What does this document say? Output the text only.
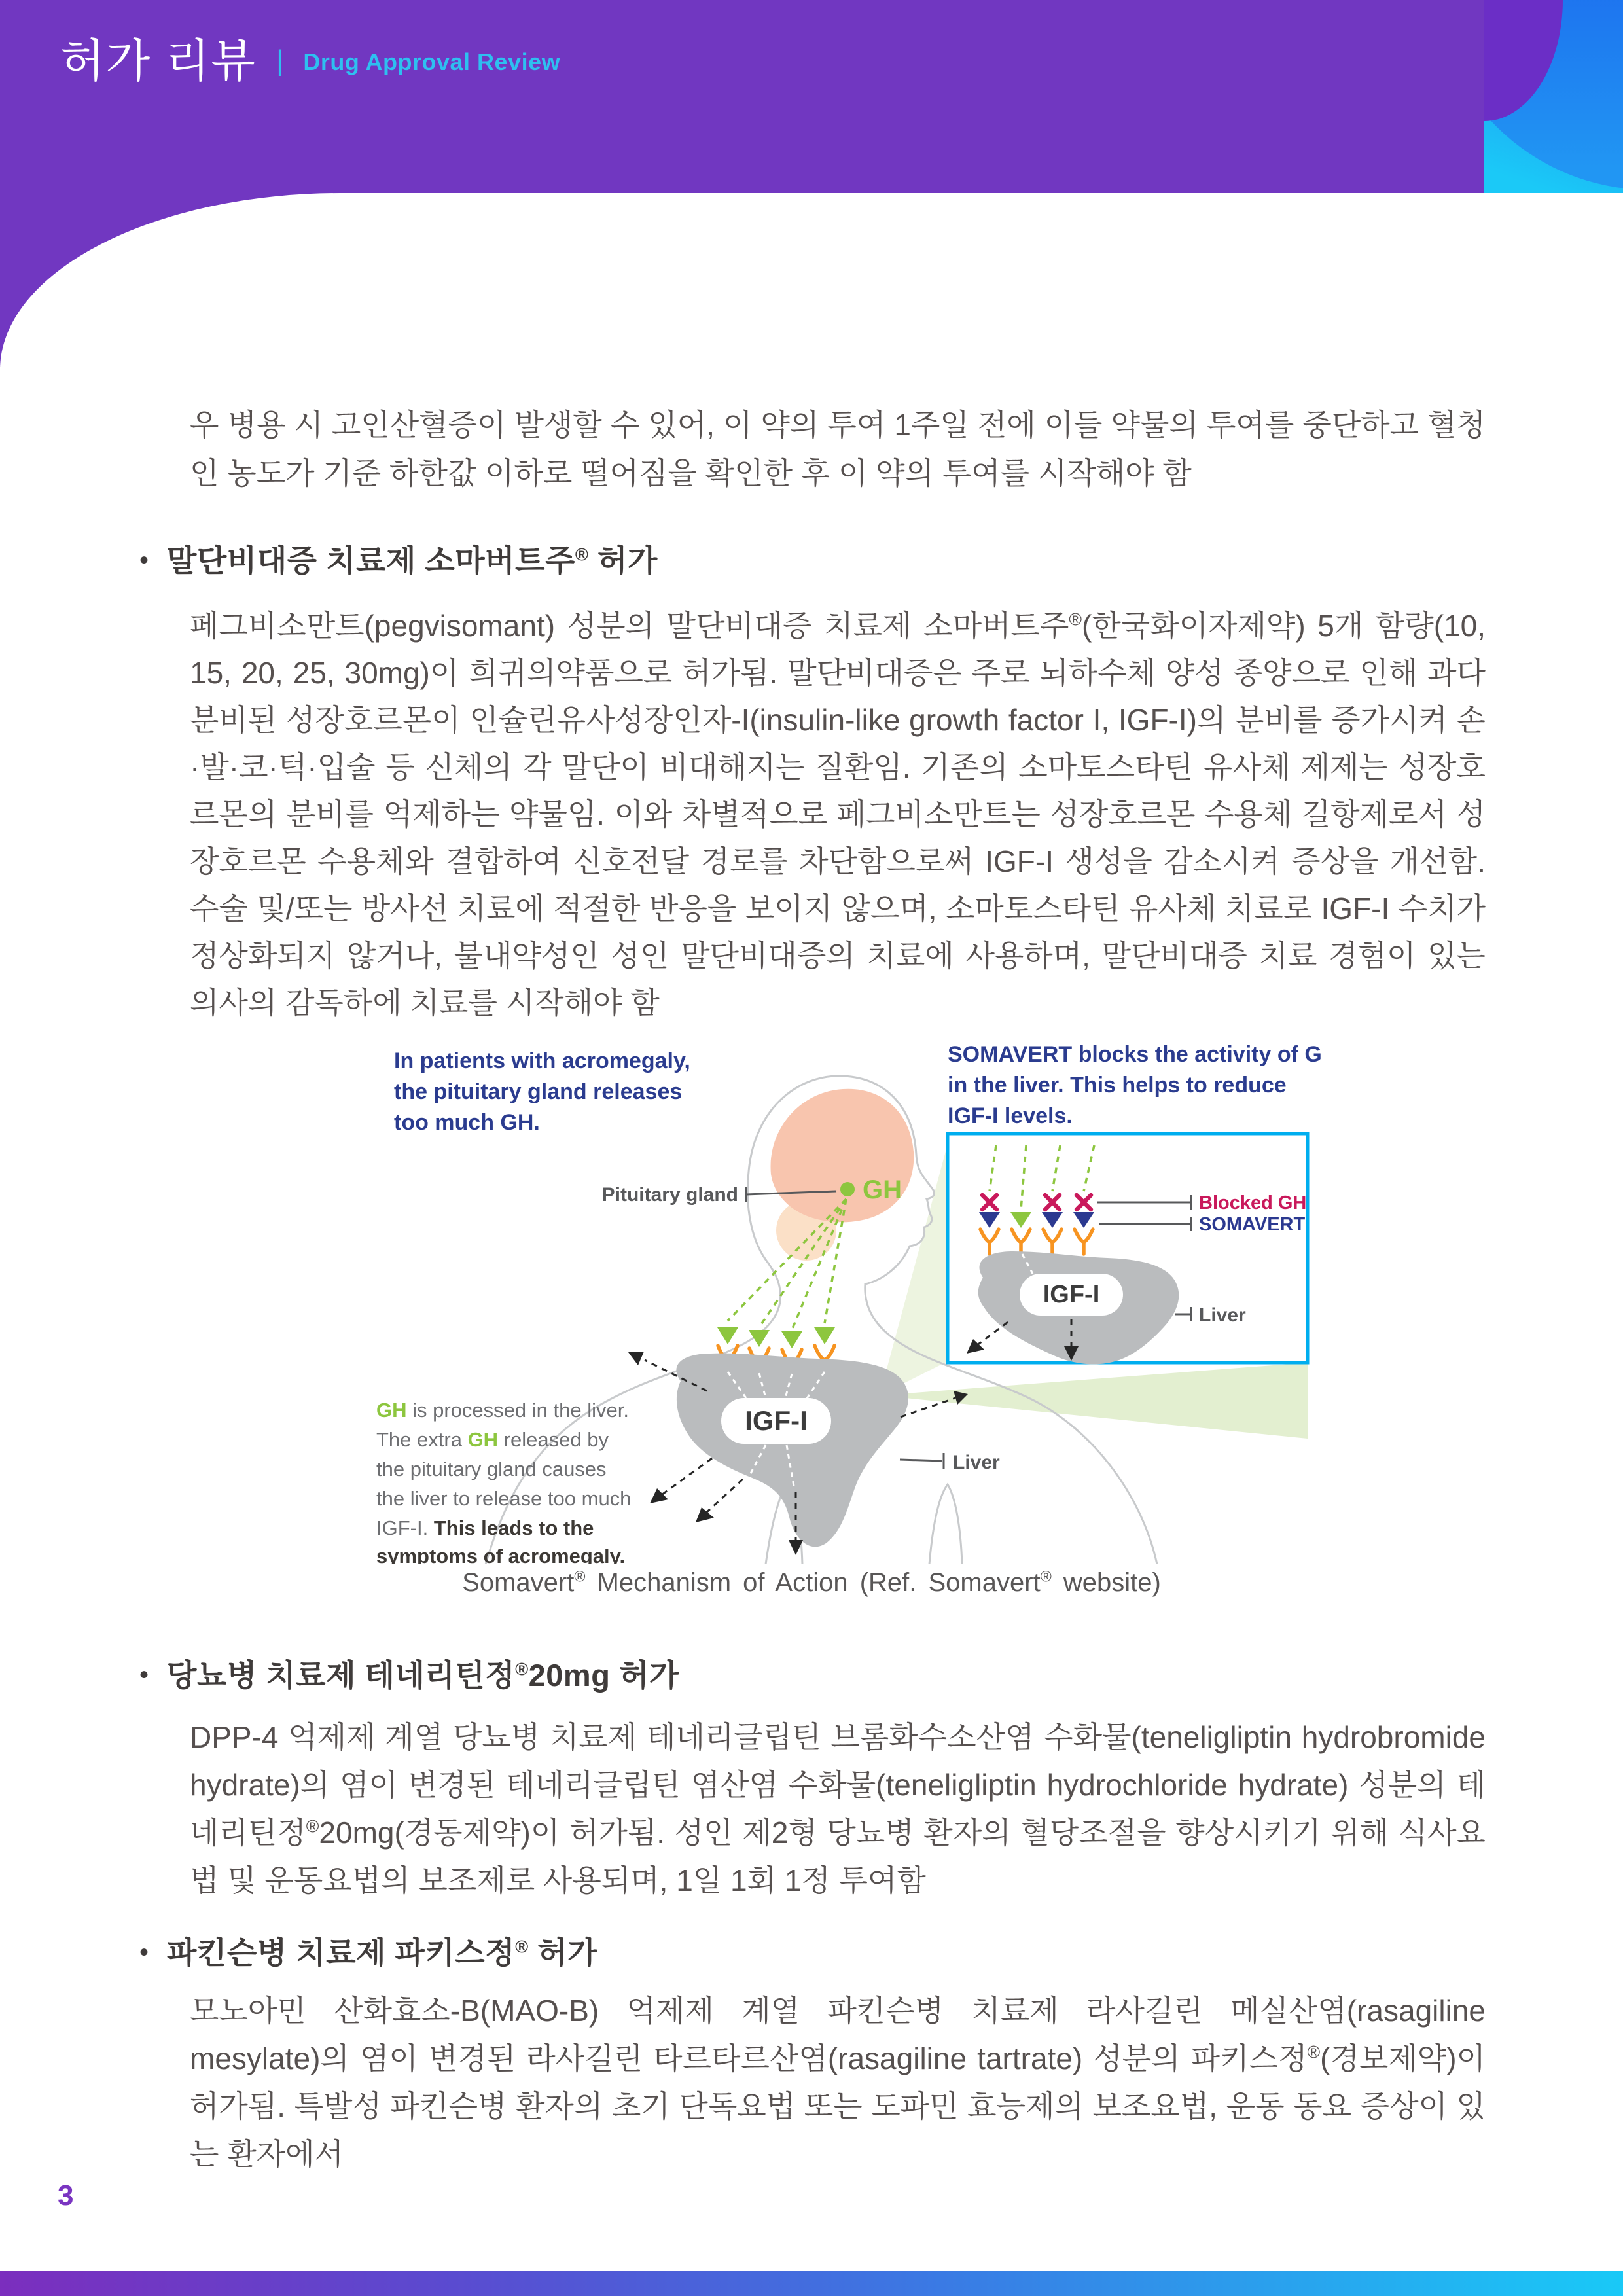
허가 리뷰 | Drug Approval Review
우 병용 시 고인산혈증이 발생할 수 있어, 이 약의 투여 1주일 전에 이들 약물의 투여를 중단하고 혈청 인 농도가 기준 하한값 이하로 떨어짐을 확인한 후 이 약의 투여를 시작해야 함
• 말단비대증 치료제 소마버트주® 허가
페그비소만트(pegvisomant) 성분의 말단비대증 치료제 소마버트주®(한국화이자제약) 5개 함량(10, 15, 20, 25, 30mg)이 희귀의약품으로 허가됨. 말단비대증은 주로 뇌하수체 양성 종양으로 인해 과다분비된 성장호르몬이 인슐린유사성장인자-I(insulin-like growth factor I, IGF-I)의 분비를 증가시켜 손·발·코·턱·입술 등 신체의 각 말단이 비대해지는 질환임. 기존의 소마토스타틴 유사체 제제는 성장호르몬의 분비를 억제하는 약물임. 이와 차별적으로 페그비소만트는 성장호르몬 수용체 길항제로서 성장호르몬 수용체와 결합하여 신호전달 경로를 차단함으로써 IGF-I 생성을 감소시켜 증상을 개선함. 수술 및/또는 방사선 치료에 적절한 반응을 보이지 않으며, 소마토스타틴 유사체 치료로 IGF-I 수치가 정상화되지 않거나, 불내약성인 성인 말단비대증의 치료에 사용하며, 말단비대증 치료 경험이 있는 의사의 감독하에 치료를 시작해야 함
GH
Pituitary gland
IGF-I
Liver
In patients with acromegaly,
the pituitary gland releases
too much GH.
SOMAVERT blocks the activity of GH
in the liver. This helps to reduce
IGF-I levels.
IGF-I
Blocked GH
SOMAVERT
Liver
GH is processed in the liver.
The extra GH released by
the pituitary gland causes
the liver to release too much
IGF-I. This leads to the
symptoms of acromegaly.
Somavert® Mechanism of Action (Ref. Somavert® website)
• 당뇨병 치료제 테네리틴정®20mg 허가
DPP-4 억제제 계열 당뇨병 치료제 테네리글립틴 브롬화수소산염 수화물(teneligliptin hydrobromide hydrate)의 염이 변경된 테네리글립틴 염산염 수화물(teneligliptin hydrochloride hydrate) 성분의 테네리틴정®20mg(경동제약)이 허가됨. 성인 제2형 당뇨병 환자의 혈당조절을 향상시키기 위해 식사요법 및 운동요법의 보조제로 사용되며, 1일 1회 1정 투여함
• 파킨슨병 치료제 파키스정® 허가
모노아민 산화효소-B(MAO-B) 억제제 계열 파킨슨병 치료제 라사길린 메실산염(rasagiline mesylate)의 염이 변경된 라사길린 타르타르산염(rasagiline tartrate) 성분의 파키스정®(경보제약)이 허가됨. 특발성 파킨슨병 환자의 초기 단독요법 또는 도파민 효능제의 보조요법, 운동 동요 증상이 있는 환자에서
3
